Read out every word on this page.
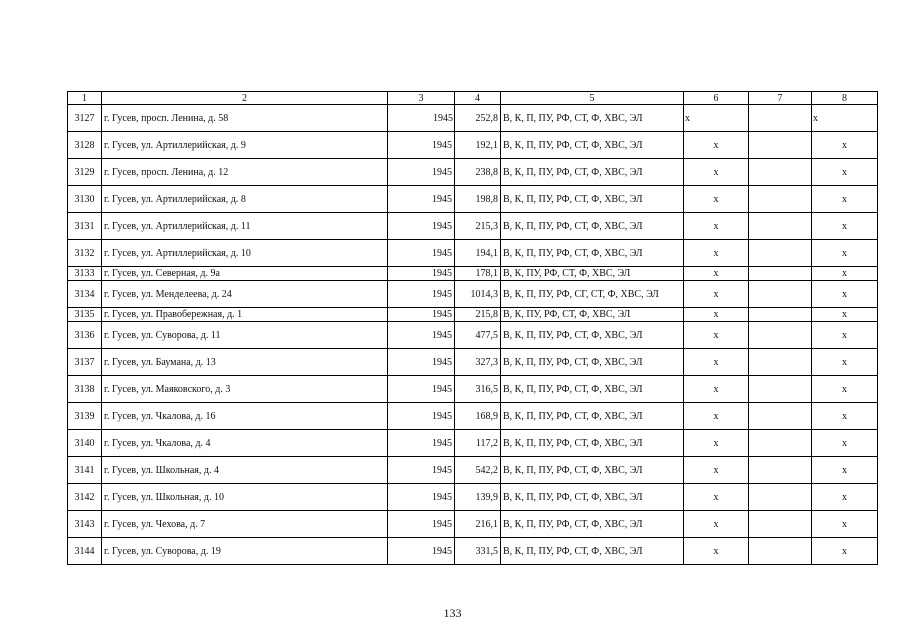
1	2	3	4	5	6	7	8
3127	г. Гусев, просп. Ленина, д. 58	1945	252,8	В, К, П, ПУ, РФ, СТ, Ф, ХВС, ЭЛ	х		х
3128	г. Гусев, ул. Артиллерийская, д. 9	1945	192,1	В, К, П, ПУ, РФ, СТ, Ф, ХВС, ЭЛ	х		х
3129	г. Гусев, просп. Ленина, д. 12	1945	238,8	В, К, П, ПУ, РФ, СТ, Ф, ХВС, ЭЛ	х		х
3130	г. Гусев, ул. Артиллерийская, д. 8	1945	198,8	В, К, П, ПУ, РФ, СТ, Ф, ХВС, ЭЛ	х		х
3131	г. Гусев, ул. Артиллерийская, д. 11	1945	215,3	В, К, П, ПУ, РФ, СТ, Ф, ХВС, ЭЛ	х		х
3132	г. Гусев, ул. Артиллерийская, д. 10	1945	194,1	В, К, П, ПУ, РФ, СТ, Ф, ХВС, ЭЛ	х		х
3133	г. Гусев, ул. Северная, д. 9а	1945	178,1	В, К, ПУ, РФ, СТ, Ф, ХВС, ЭЛ	х		х
3134	г. Гусев, ул. Менделеева, д. 24	1945	1014,3	В, К, П, ПУ, РФ, СГ, СТ, Ф, ХВС, ЭЛ	х		х
3135	г. Гусев, ул. Правобережная, д. 1	1945	215,8	В, К, ПУ, РФ, СТ, Ф, ХВС, ЭЛ	х		х
3136	г. Гусев, ул. Суворова, д. 11	1945	477,5	В, К, П, ПУ, РФ, СТ, Ф, ХВС, ЭЛ	х		х
3137	г. Гусев, ул. Баумана, д. 13	1945	327,3	В, К, П, ПУ, РФ, СТ, Ф, ХВС, ЭЛ	х		х
3138	г. Гусев, ул. Маяковского, д. 3	1945	316,5	В, К, П, ПУ, РФ, СТ, Ф, ХВС, ЭЛ	х		х
3139	г. Гусев, ул. Чкалова, д. 16	1945	168,9	В, К, П, ПУ, РФ, СТ, Ф, ХВС, ЭЛ	х		х
3140	г. Гусев, ул. Чкалова, д. 4	1945	117,2	В, К, П, ПУ, РФ, СТ, Ф, ХВС, ЭЛ	х		х
3141	г. Гусев, ул. Школьная, д. 4	1945	542,2	В, К, П, ПУ, РФ, СТ, Ф, ХВС, ЭЛ	х		х
3142	г. Гусев, ул. Школьная, д. 10	1945	139,9	В, К, П, ПУ, РФ, СТ, Ф, ХВС, ЭЛ	х		х
3143	г. Гусев, ул. Чехова, д. 7	1945	216,1	В, К, П, ПУ, РФ, СТ, Ф, ХВС, ЭЛ	х		х
3144	г. Гусев, ул. Суворова, д. 19	1945	331,5	В, К, П, ПУ, РФ, СТ, Ф, ХВС, ЭЛ	х		х
133
